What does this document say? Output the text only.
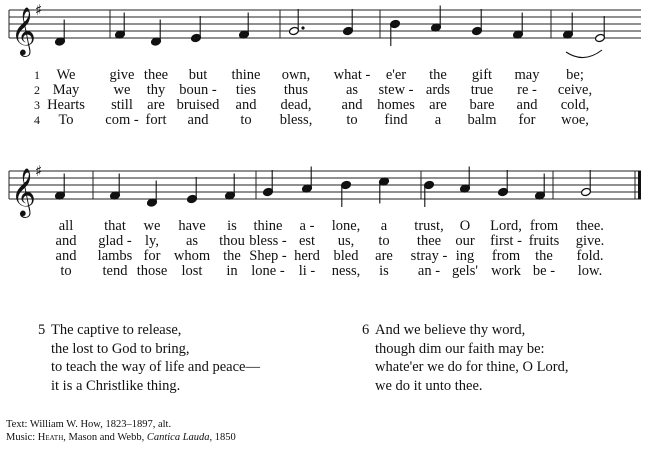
𝄞 ♯
1 We give thee but thine own, what - e'er the gift may be;
2 May we thy boun - ties thus	as stew - ards true re - ceive,
3 Hearts still are bruised and dead, and homes are bare and cold,
4 To com - fort and to bless, to find a balm for woe,
𝄞 ♯
all that we have is thine a - lone, a trust, O Lord, from thee.
and glad - ly, as thou bless - est us, to thee our first - fruits give.
and lambs for whom the Shep - herd bled are stray - ing from the fold.
to tend those lost in lone - li - ness, is an - gels' work be - low.
5 The captive to release,
the lost to God to bring,
to teach the way of life and peace—
it is a Christlike thing.
6 And we believe thy word,
though dim our faith may be:
whate'er we do for thine, O Lord,
we do it unto thee.
Text: William W. How, 1823–1897, alt.
Music: Heath, Mason and Webb, Cantica Lauda, 1850
